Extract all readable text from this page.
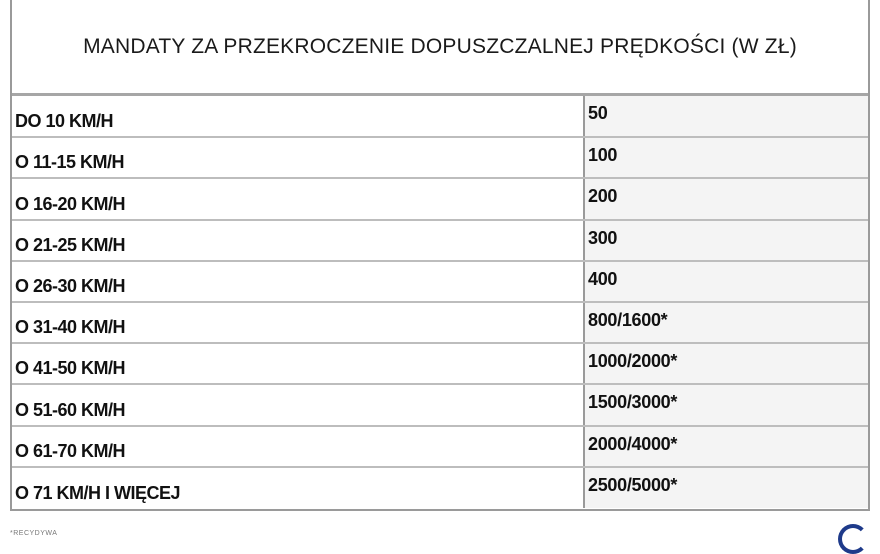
MANDATY ZA PRZEKROCZENIE DOPUSZCZALNEJ PRĘDKOŚCI (W ZŁ)
DO 10 KM/H	50
O 11-15 KM/H	100
O 16-20 KM/H	200
O 21-25 KM/H	300
O 26-30 KM/H	400
O 31-40 KM/H	800/1600*
O 41-50 KM/H	1000/2000*
O 51-60 KM/H	1500/3000*
O 61-70 KM/H	2000/4000*
O 71 KM/H I WIĘCEJ	2500/5000*
*RECYDYWA
